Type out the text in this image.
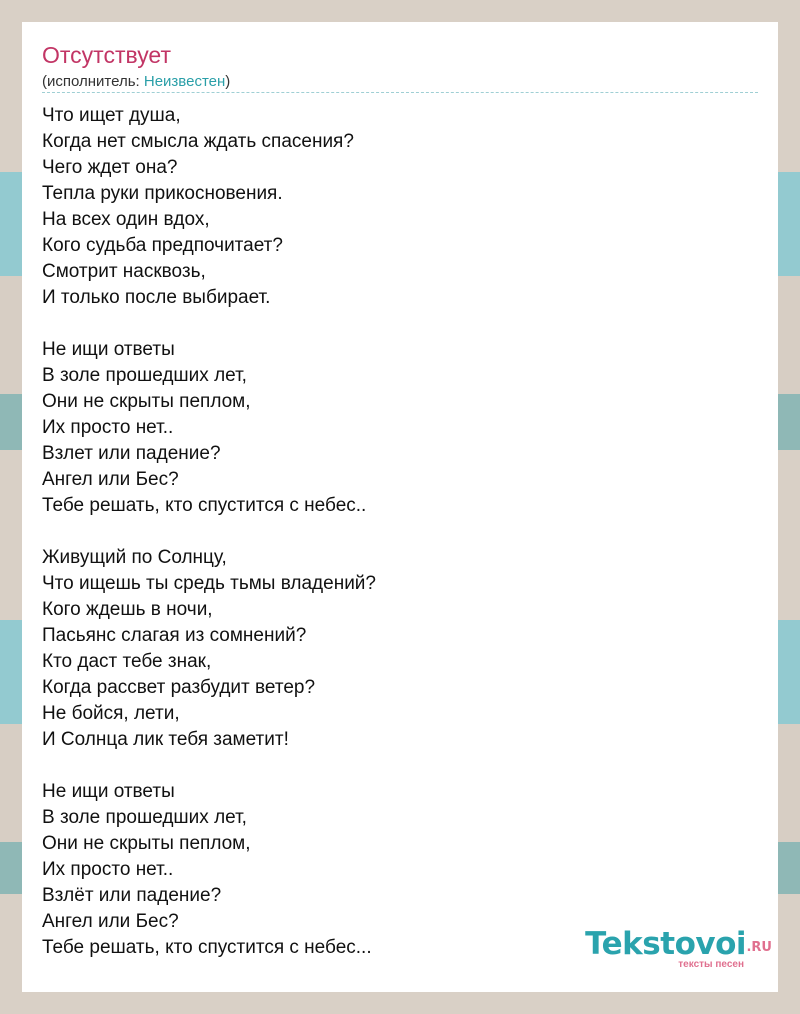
Отсутствует
(исполнитель: Неизвестен)
Что ищет душа,
Когда нет смысла ждать спасения?
Чего ждет она?
Тепла руки прикосновения.
На всех один вдох,
Кого судьба предпочитает?
Смотрит насквозь,
И только после выбирает.
Не ищи ответы
В золе прошедших лет,
Они не скрыты пеплом,
Их просто нет..
Взлет или падение?
Ангел или Бес?
Тебе решать, кто спустится с небес..
Живущий по Солнцу,
Что ищешь ты средь тьмы владений?
Кого ждешь в ночи,
Пасьянс слагая из сомнений?
Кто даст тебе знак,
Когда рассвет разбудит ветер?
Не бойся, лети,
И Солнца лик тебя заметит!
Не ищи ответы
В золе прошедших лет,
Они не скрыты пеплом,
Их просто нет..
Взлёт или падение?
Ангел или Бес?
Тебе решать, кто спустится с небес...	Tekstovoi .RU
тексты песен
